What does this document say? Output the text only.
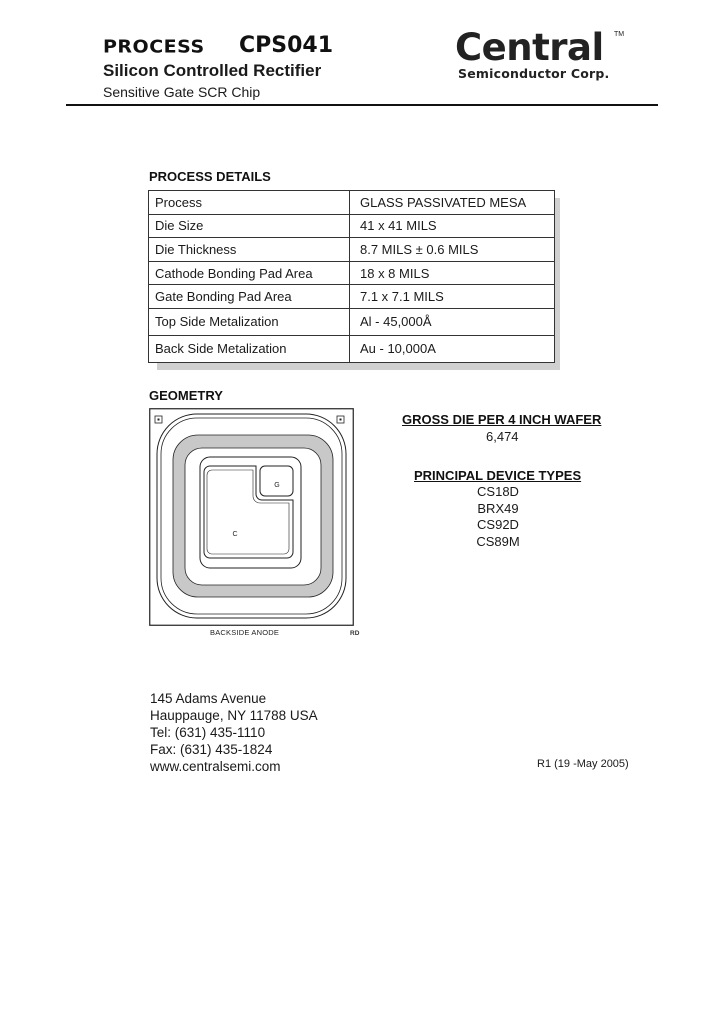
PROCESS CPS041
Silicon Controlled Rectifier
Sensitive Gate SCR Chip
Central TM
Semiconductor Corp.
PROCESS DETAILS
Process	GLASS PASSIVATED MESA
Die Size	41 x 41 MILS
Die Thickness	8.7 MILS ± 0.6 MILS
Cathode Bonding Pad Area	18 x 8 MILS
Gate Bonding Pad Area	7.1 x 7.1 MILS
Top Side Metalization	Al - 45,000Å
Back Side Metalization	Au - 10,000A
GEOMETRY
G
C
BACKSIDE ANODE	RD
GROSS DIE PER 4 INCH WAFER
6,474
PRINCIPAL DEVICE TYPES
CS18D
BRX49
CS92D
CS89M
145 Adams Avenue
Hauppauge, NY 11788 USA
Tel: (631) 435-1110
Fax: (631) 435-1824
www.centralsemi.com	R1 (19 -May 2005)
